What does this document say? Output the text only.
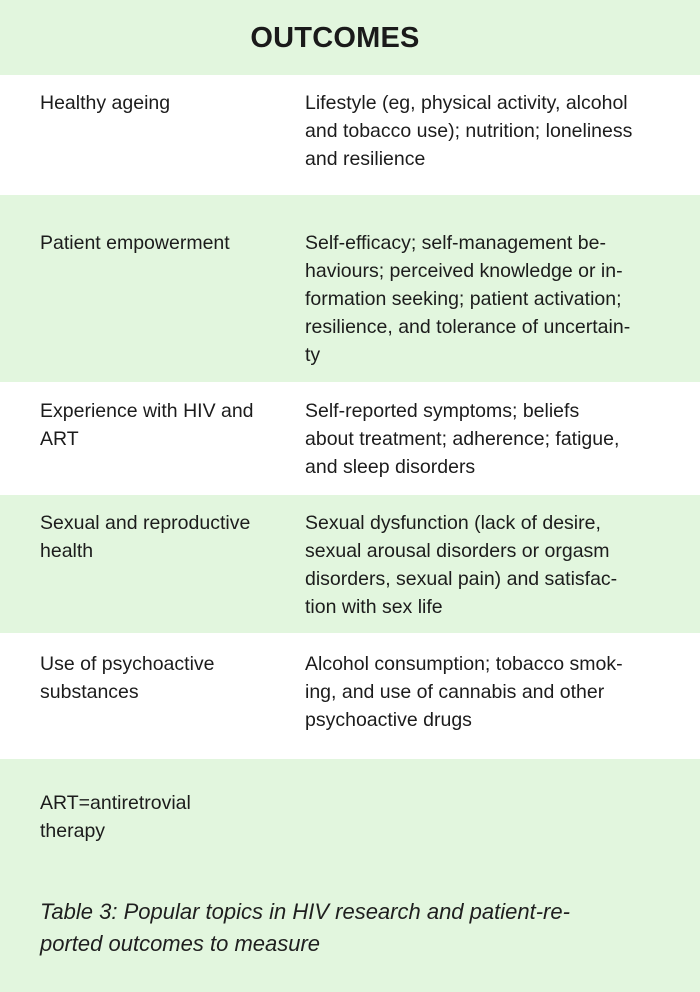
OUTCOMES
Healthy ageing	Lifestyle (eg, physical activity, alcohol
and tobacco use); nutrition; loneliness
and resilience
Patient empowerment	Self-efficacy; self-management be-
haviours; perceived knowledge or in-
formation seeking; patient activation;
resilience, and tolerance of uncertain-
ty
Experience with HIV and
ART
Self-reported symptoms; beliefs
about treatment; adherence; fatigue,
and sleep disorders
Sexual and reproductive
health
Sexual dysfunction (lack of desire,
sexual arousal disorders or orgasm
disorders, sexual pain) and satisfac-
tion with sex life
Use of psychoactive
substances
Alcohol consumption; tobacco smok-
ing, and use of cannabis and other
psychoactive drugs
ART=antiretrovial
therapy
Table 3: Popular topics in HIV research and patient-re-
ported outcomes to measure
